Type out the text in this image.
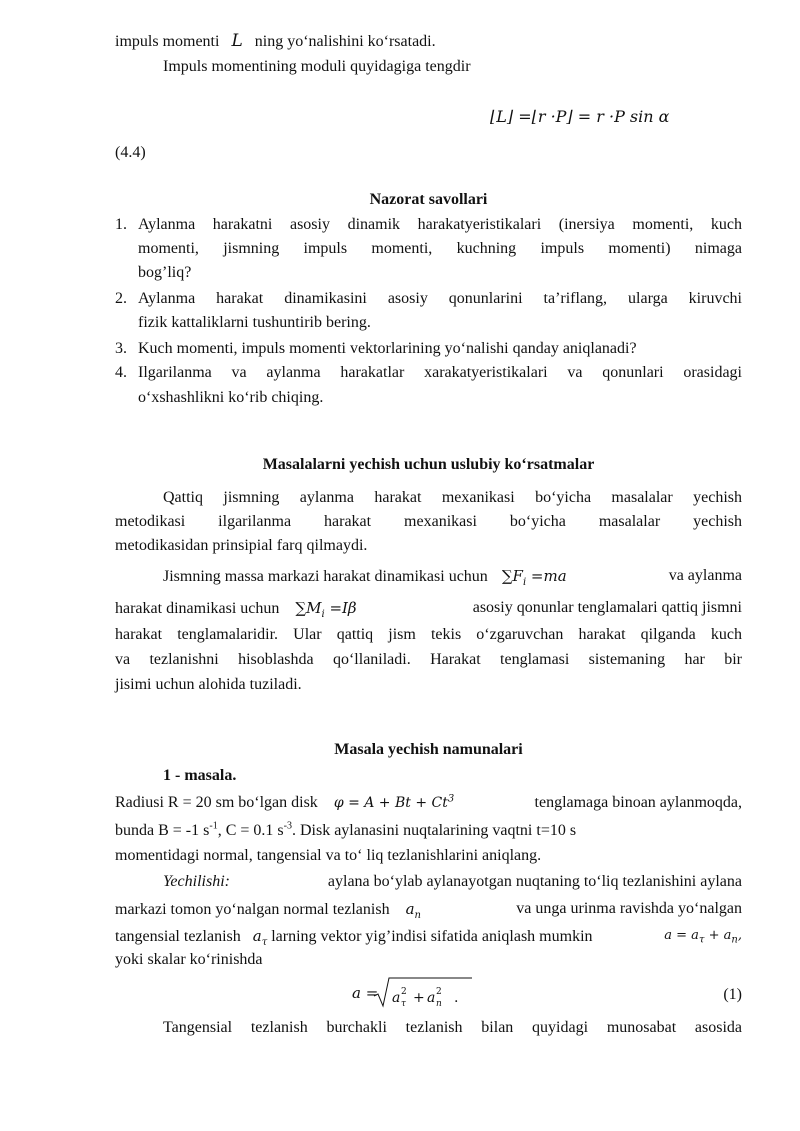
impuls momenti L ning yo‘nalishini ko‘rsatadi.
Impuls momentining moduli quyidagiga tengdir
⌊L⌋ =⌊r ·P⌋ = r ·P sin α
(4.4)
Nazorat savollari
1. Aylanma harakatni asosiy dinamik harakatyeristikalari (inersiya momenti, kuch
momenti, jismning impuls momenti, kuchning impuls momenti) nimaga
bog’liq?
2. Aylanma harakat dinamikasini asosiy qonunlarini ta’riflang, ularga kiruvchi
fizik kattaliklarni tushuntirib bering.
3. Kuch momenti, impuls momenti vektorlarining yo‘nalishi qanday aniqlanadi?
4. Ilgarilanma va aylanma harakatlar xarakatyeristikalari va qonunlari orasidagi
o‘xshashlikni ko‘rib chiqing.
Masalalarni yechish uchun uslubiy ko‘rsatmalar
Qattiq jismning aylanma harakat mexanikasi bo‘yicha masalalar yechish
metodikasi ilgarilanma harakat mexanikasi bo‘yicha masalalar yechish
metodikasidan prinsipial farq qilmaydi.
Jismning massa markazi harakat dinamikasi uchun $\sum F_i =ma$	va aylanma
harakat dinamikasi uchun $\sum M_i =I\beta$	asosiy qonunlar tenglamalari qattiq jismni
harakat tenglamalaridir. Ular qattiq jism tekis o‘zgaruvchan harakat qilganda kuch
va tezlanishni hisoblashda qo‘llaniladi. Harakat tenglamasi sistemaning har bir
jisimi uchun alohida tuziladi.
Masala yechish namunalari
1 - masala.
Radiusi R = 20 sm bo‘lgan disk $\varphi = A + Bt + Ct^3$	tenglamaga binoan aylanmoqda,
bunda B = -1 $s^{-1}$, C = 0.1 $s^{-3}$. Disk aylanasini nuqtalarining vaqtni t=10 s
momentidagi normal, tangensial va to‘ liq tezlanishlarini aniqlang.
Yechilishi:	aylana bo‘ylab aylanayotgan nuqtaning to‘liq tezlanishini aylana
markazi tomon yo‘nalgan normal tezlanish $a_n$	va unga urinma ravishda yo‘nalgan
tangensial tezlanish $a_\tau$ larning vektor yig’indisi sifatida aniqlash mumkin	$a = a_\tau + a_n$,
yoki skalar ko‘rinishda
a = a 2
τ + a 2
n .	(1)
Tangensial tezlanish burchakli tezlanish bilan quyidagi munosabat asosida
